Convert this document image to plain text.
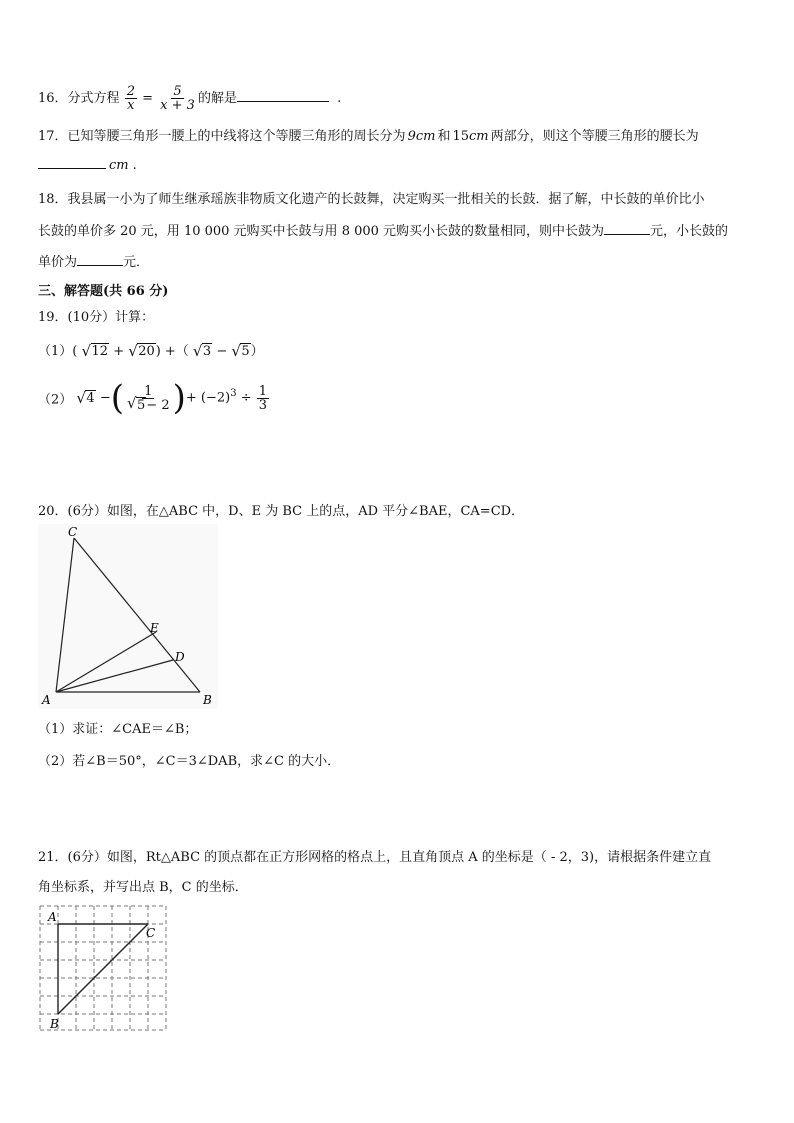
16．分式方程 $\frac{2}{x} = \frac{5}{x + 3}$ 的解是	.
17．已知等腰三角形一腰上的中线将这个等腰三角形的周长分为 9cm 和 15cm 两部分，则这个等腰三角形的腰长为
cm .
18．我县属一小为了师生继承瑶族非物质文化遗产的长鼓舞，决定购买一批相关的长鼓．据了解，中长鼓的单价比小
长鼓的单价多 20 元，用 10 000 元购买中长鼓与用 8 000 元购买小长鼓的数量相同，则中长鼓为	元，小长鼓的
单价为	元．
三、解答题(共 66 分)
19．(10分）计算：
（1）( √ 12 + √ 20) +（ √ 3 − √ 5）
（2） √ 4 −( 1
√ 5− 2 )+ $(-2)^3 \div \frac{1}{3}$
20．(6分）如图，在△ABC 中，D、E 为 BC 上的点，AD 平分∠BAE，CA=CD．
C
E
D
A	B
（1）求证：∠CAE＝∠B；
（2）若∠B＝50°，∠C＝3∠DAB，求∠C 的大小．
21．(6分）如图，Rt△ABC 的顶点都在正方形网格的格点上，且直角顶点 A 的坐标是（ - 2，3)，请根据条件建立直
角坐标系，并写出点 B，C 的坐标．
A
B
C
